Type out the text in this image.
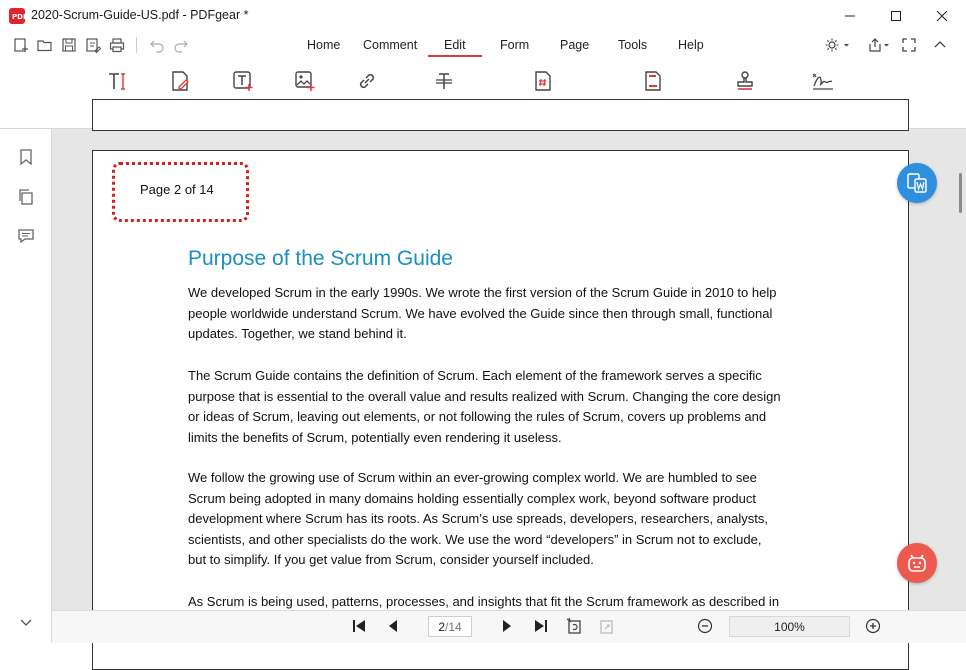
PDF 2020-Scrum-Guide-US.pdf - PDFgear *
Home Comment Edit	Form Page Tools Help
Page 2 of 14
Purpose of the Scrum Guide
We developed Scrum in the early 1990s. We wrote the first version of the Scrum Guide in 2010 to help
people worldwide understand Scrum. We have evolved the Guide since then through small, functional
updates. Together, we stand behind it.
The Scrum Guide contains the definition of Scrum. Each element of the framework serves a specific
purpose that is essential to the overall value and results realized with Scrum. Changing the core design
or ideas of Scrum, leaving out elements, or not following the rules of Scrum, covers up problems and
limits the benefits of Scrum, potentially even rendering it useless.
We follow the growing use of Scrum within an ever-growing complex world. We are humbled to see
Scrum being adopted in many domains holding essentially complex work, beyond software product
development where Scrum has its roots. As Scrum’s use spreads, developers, researchers, analysts,
scientists, and other specialists do the work. We use the word “developers” in Scrum not to exclude,
but to simplify. If you get value from Scrum, consider yourself included.
As Scrum is being used, patterns, processes, and insights that fit the Scrum framework as described in
2 /14	100%
